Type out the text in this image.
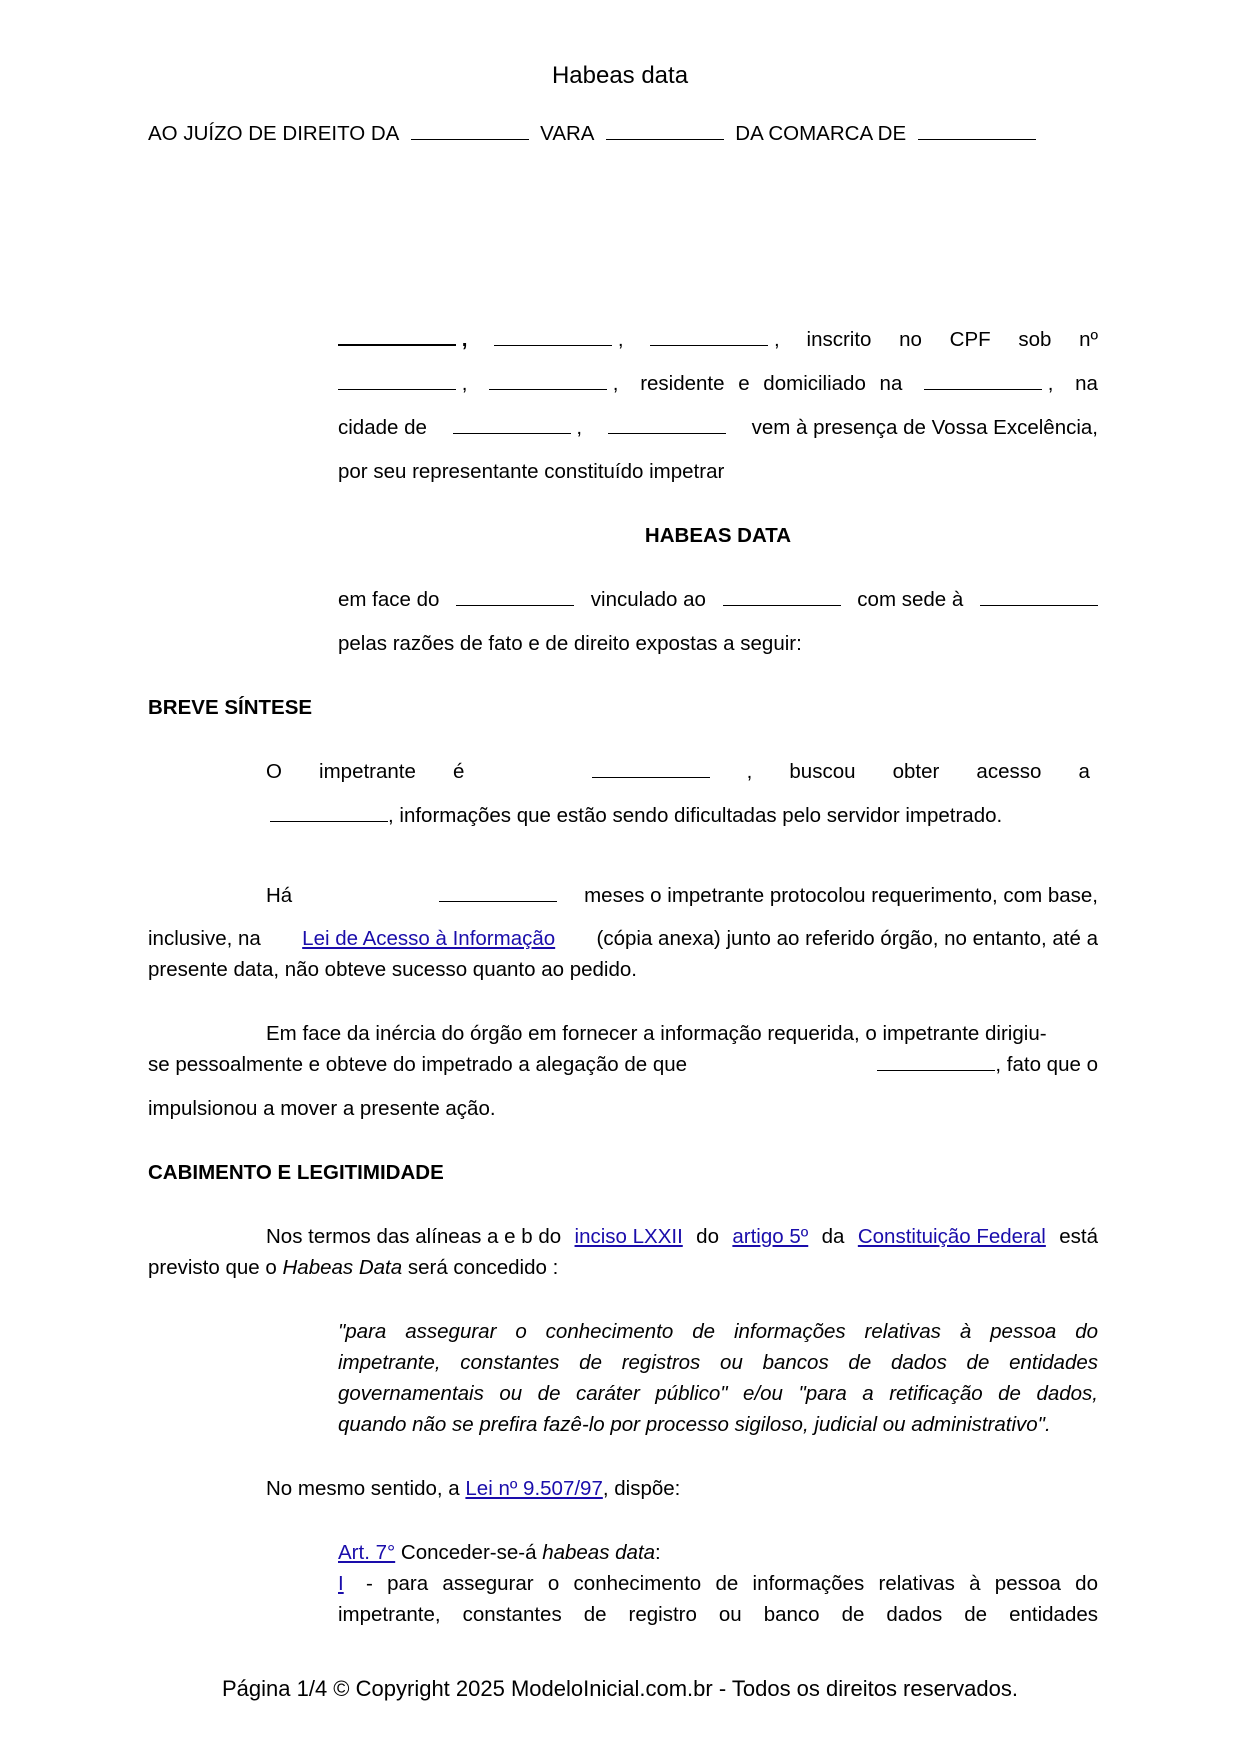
Habeas data
AO JUÍZO DE DIREITO DA	VARA	DA COMARCA DE
,	,	, inscrito no CPF sob nº
,	, residente e domiciliado na	, na
cidade de	,	vem à presença de Vossa Excelência,
por seu representante constituído impetrar
HABEAS DATA
em face do	vinculado ao	com sede à
pelas razões de fato e de direito expostas a seguir:
BREVE SÍNTESE
O impetrante é	, buscou obter acesso a
, informações que estão sendo dificultadas pelo servidor impetrado.
Há	meses o impetrante protocolou requerimento, com base,
inclusive, na Lei de Acesso à Informação (cópia anexa) junto ao referido órgão, no entanto, até a
presente data, não obteve sucesso quanto ao pedido.
Em face da inércia do órgão em fornecer a informação requerida, o impetrante dirigiu-
se pessoalmente e obteve do impetrado a alegação de que	, fato que o
impulsionou a mover a presente ação.
CABIMENTO E LEGITIMIDADE
Nos termos das alíneas a e b do inciso LXXII do artigo 5º da Constituição Federal está
previsto que o Habeas Data será concedido :
"para assegurar o conhecimento de informações relativas à pessoa do
impetrante, constantes de registros ou bancos de dados de entidades
governamentais ou de caráter público" e/ou "para a retificação de dados,
quando não se prefira fazê-lo por processo sigiloso, judicial ou administrativo".
No mesmo sentido, a Lei nº 9.507/97, dispõe:
Art. 7° Conceder-se-á habeas data:
I - para assegurar o conhecimento de informações relativas à pessoa do
impetrante, constantes de registro ou banco de dados de entidades
Página 1/4 © Copyright 2025 ModeloInicial.com.br - Todos os direitos reservados.
